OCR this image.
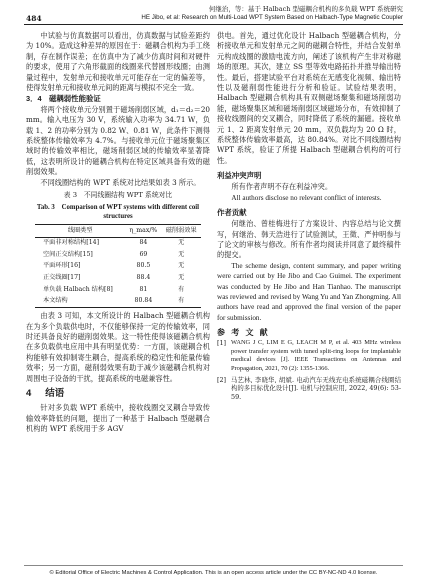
何继治，等：基于 Halbach 型磁耦合机构的多负载 WPT 系统研究
484	HE Jibo, et al: Research on Multi-Load WPT System Based on Halbach-Type Magnetic Coupler

中试验与仿真数据可以看出，仿真数据与试验差距约为 10%。造成这种差异的原因在于：磁耦合机构为手工绕制，存在制作误差；在仿真中为了减少仿真时间和对硬件的要求，使用了六角形截面的线圈来代替圆形线圈；由测量过程中，发射单元和接收单元可能存在一定的偏差等，使得发射单元和接收单元间的距离与模拟不完全一致。

3．4　磁耦弱性能验证

将两个接收单元分别置于磁场削弱区域，d₁＝d₂＝20 mm。输入电压为 30 V，系统输入功率为 34.71 W，负载 1、2 的功率分别为 0.82 W、0.81 W，此条件下测得系统整体传输效率为 4.7%。与接收单元位于磁场聚集区域时的传输效率相比，磁场削弱区域的传输效率显著降低，这表明所设计的磁耦合机构在特定区域具备有效的磁削弱效果。

不同线圈结构的 WPT 系统对比结果如表 3 所示。

表 3　不同线圈结构 WPT 系统对比
Tab. 3　Comparison of WPT systems with different coil structures
线圈类型	η_max/%	磁削弱效果
平面非对称结构[14]	84	无
空间正交结构[15]	69	无
平面环形[16]	80.5	无
正交线圈[17]	88.4	无
单负载 Halbach 结构[8]	81	有
本文结构	80.84	有

由表 3 可知，本文所设计的 Halbach 型磁耦合机构在为多个负载供电时，不仅能够保持一定的传输效率，同时还具备良好的磁削弱效果。这一特性使得该磁耦合机构在多负载供电应用中具有明显优势：一方面，该磁耦合机构能够有效抑制寄生耦合，提高系统的稳定性和能量传输效率；另一方面，磁削弱效果有助于减少该磁耦合机构对周围电子设备的干扰，提高系统的电磁兼容性。

4 结语

针对多负载 WPT 系统中，接收线圈交叉耦合导致传输效率降低的问题，提出了一种基于 Halbach 型磁耦合机构的 WPT 系统用于多 AGV

供电。首先，通过优化设计 Halbach 型磁耦合机构，分析接收单元和发射单元之间的磁耦合特性，并结合发射单元构成线圈的激励电流方向，阐述了该机构产生非对称磁场的原理。其次，建立 SS 型等效电路拓扑并推导输出特性。最后，搭建试验平台对系统在无感变化视频、输出特性以及磁削弱性能进行分析和验证。试验结果表明，Halbach 型磁耦合机构具有双侧磁场聚集和磁场削弱功能，磁场聚集区域和磁场削弱区域磁场分布，有效抑制了接收线圈间的交叉耦合，同时降低了系统的漏磁。接收单元 1、2 距离发射单元 20 mm，双负载均为 20 Ω 时，系统整体传输效率最高，达 80.84%。对比不同线圈结构 WPT 系统，验证了所提 Halbach 型磁耦合机构的可行性。

利益冲突声明

所有作者声明不存在利益冲突。

All authors disclose no relevant conflict of interests.

作者贡献

何继治、曾桂梅进行了方案设计、内容总结与论文撰写，何继治、韩天浩进行了试验测试，王徵、严仲明参与了论文的审核与修改。所有作者均阅读并同意了最终稿件的提交。

The scheme design, content summary, and paper writing were carried out by He Jibo and Cao Guimei. The experiment was conducted by He Jibo and Han Tianhao. The manuscript was reviewed and revised by Wang Yu and Yan Zhongming. All authors have read and approved the final version of the paper for submission.

参 考 文 献
[1] WANG J C, LIM E G, LEACH M P, et al. 403 MHz wireless power transfer system with tuned split-ring loops for implantable medical devices [J]. IEEE Transactions on Antennas and Propagation, 2021, 70 (2): 1355-1366.
[2] 马艺林, 李晓华, 胡斌. 电动汽车无线充电系统磁耦合线圈结构的多目标优化设计[J]. 电机与控制应用, 2022, 49(6): 53-59.
© Editorial Office of Electric Machines & Control Application. This is an open access article under the CC BY-NC-ND 4.0 license.
